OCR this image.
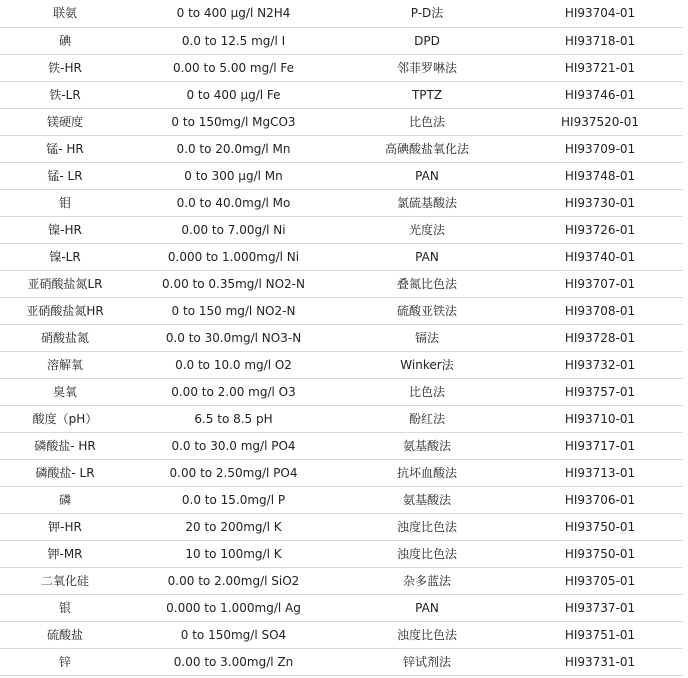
联氨	0 to 400 µg/l N2H4	P-D法	HI93704-01
碘	0.0 to 12.5 mg/l I	DPD	HI93718-01
铁-HR	0.00 to 5.00 mg/l Fe	邻菲罗啉法	HI93721-01
铁-LR	0 to 400 µg/l Fe	TPTZ	HI93746-01
镁硬度	0 to 150mg/l MgCO3	比色法	HI937520-01
锰- HR	0.0 to 20.0mg/l Mn	高碘酸盐氧化法	HI93709-01
锰- LR	0 to 300 µg/l Mn	PAN	HI93748-01
钼	0.0 to 40.0mg/l Mo	氯硫基酸法	HI93730-01
镍-HR	0.00 to 7.00g/l Ni	光度法	HI93726-01
镍-LR	0.000 to 1.000mg/l Ni	PAN	HI93740-01
亚硝酸盐氮LR	0.00 to 0.35mg/l NO2-N	叠氮比色法	HI93707-01
亚硝酸盐氮HR	0 to 150 mg/l NO2-N	硫酸亚铁法	HI93708-01
硝酸盐氮	0.0 to 30.0mg/l NO3-N	镉法	HI93728-01
溶解氧	0.0 to 10.0 mg/l O2	Winker法	HI93732-01
臭氧	0.00 to 2.00 mg/l O3	比色法	HI93757-01
酸度（pH）	6.5 to 8.5 pH	酚红法	HI93710-01
磷酸盐- HR	0.0 to 30.0 mg/l PO4	氨基酸法	HI93717-01
磷酸盐- LR	0.00 to 2.50mg/l PO4	抗坏血酸法	HI93713-01
磷	0.0 to 15.0mg/l P	氨基酸法	HI93706-01
钾-HR	20 to 200mg/l K	浊度比色法	HI93750-01
钾-MR	10 to 100mg/l K	浊度比色法	HI93750-01
二氧化硅	0.00 to 2.00mg/l SiO2	杂多蓝法	HI93705-01
银	0.000 to 1.000mg/l Ag	PAN	HI93737-01
硫酸盐	0 to 150mg/l SO4	浊度比色法	HI93751-01
锌	0.00 to 3.00mg/l Zn	锌试剂法	HI93731-01
